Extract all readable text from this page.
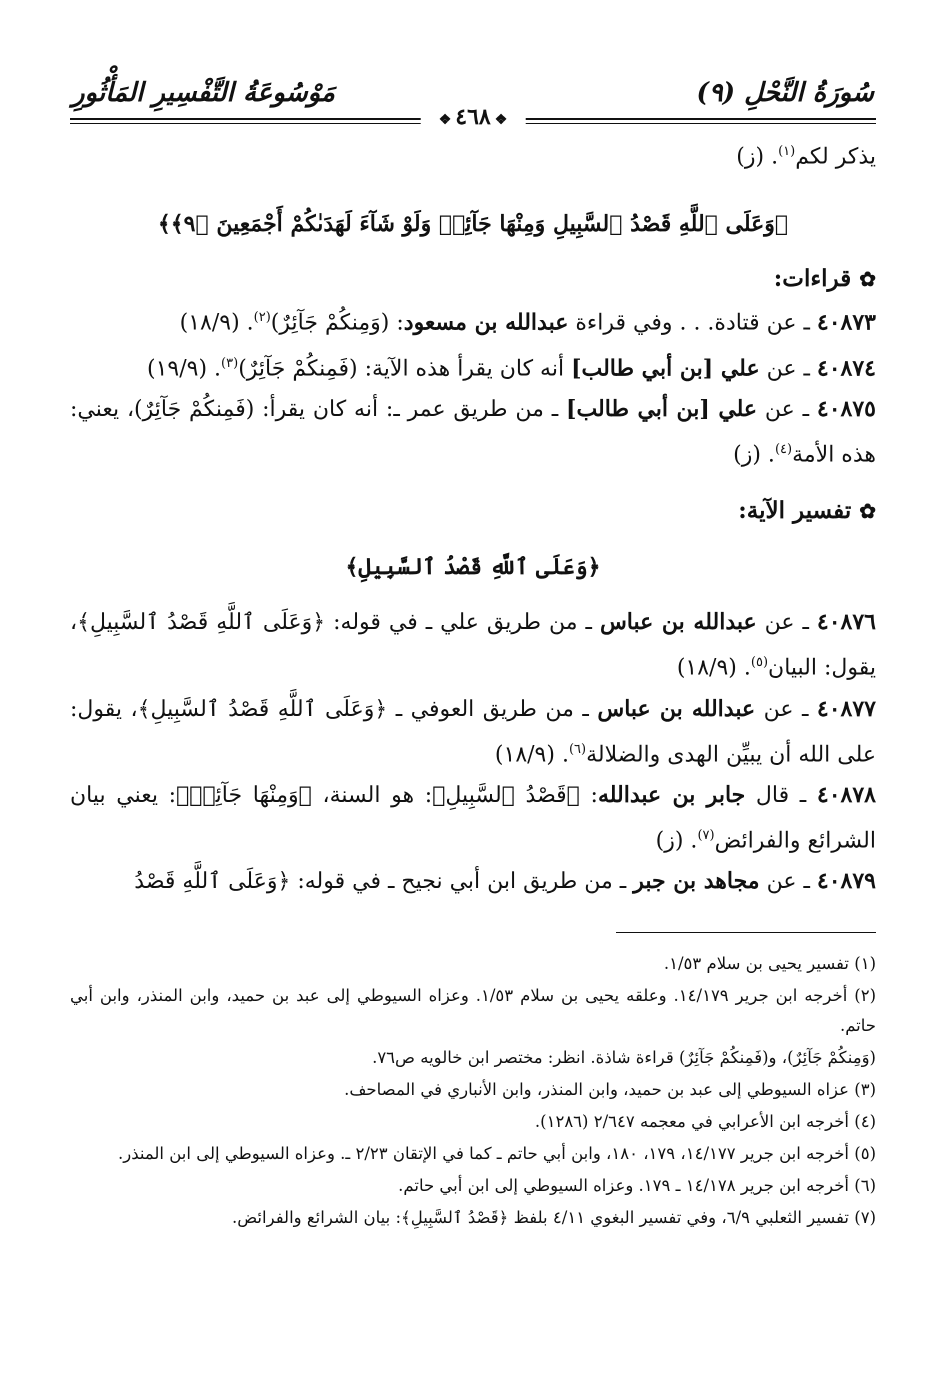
سُورَةُ النَّحْلِ (٩)
مَوْسُوعَةُ التَّفْسِيرِ المَأْثُورِ
❖٤٦٨❖
يذكر لكم$^{(١)}$. (ز)
﴿وَعَلَى ٱللَّهِ قَصْدُ ٱلسَّبِيلِ وَمِنْهَا جَآئِرٞ وَلَوْ شَآءَ لَهَدَىٰكُمْ أَجْمَعِينَ ﴿٩﴾﴾
✿قراءات:
٤٠٨٧٣ ـ عن قتادة. . . وفي قراءة عبدالله بن مسعود: (وَمِنكُمْ جَآئِرٌ)$^{(٢)}$. (١٨/٩)
٤٠٨٧٤ ـ عن علي [بن أبي طالب] أنه كان يقرأ هذه الآية: (فَمِنكُمْ جَآئِرٌ)$^{(٣)}$. (١٩/٩)
٤٠٨٧٥ ـ عن علي [بن أبي طالب] ـ من طريق عمر ـ: أنه كان يقرأ: (فَمِنكُمْ جَآئِرٌ)، يعني: هذه الأمة$^{(٤)}$. (ز)
✿تفسير الآية:
﴿وَعَلَى ٱللَّهِ قَصْدُ ٱلسَّبِيلِ﴾
٤٠٨٧٦ ـ عن عبدالله بن عباس ـ من طريق علي ـ في قوله: ﴿وَعَلَى ٱللَّهِ قَصْدُ ٱلسَّبِيلِ﴾، يقول: البيان$^{(٥)}$. (١٨/٩)
٤٠٨٧٧ ـ عن عبدالله بن عباس ـ من طريق العوفي ـ ﴿وَعَلَى ٱللَّهِ قَصْدُ ٱلسَّبِيلِ﴾، يقول: على الله أن يبيِّن الهدى والضلالة$^{(٦)}$. (١٨/٩)
٤٠٨٧٨ ـ قال جابر بن عبدالله: ﴿قَصْدُ ٱلسَّبِيلِ﴾: هو السنة، ﴿وَمِنْهَا جَآئِرٞ﴾: يعني بيان الشرائع والفرائض$^{(٧)}$. (ز)
٤٠٨٧٩ ـ عن مجاهد بن جبر ـ من طريق ابن أبي نجيح ـ في قوله: ﴿وَعَلَى ٱللَّهِ قَصْدُ
(١) تفسير يحيى بن سلام ١/٥٣.
(٢) أخرجه ابن جرير ١٤/١٧٩. وعلقه يحيى بن سلام ١/٥٣. وعزاه السيوطي إلى عبد بن حميد، وابن المنذر، وابن أبي حاتم.
(وَمِنكُمْ جَآئِرٌ)، و(فَمِنكُمْ جَآئِرٌ) قراءة شاذة. انظر: مختصر ابن خالويه ص٧٦.
(٣) عزاه السيوطي إلى عبد بن حميد، وابن المنذر، وابن الأنباري في المصاحف.
(٤) أخرجه ابن الأعرابي في معجمه ٢/٦٤٧ (١٢٨٦).
(٥) أخرجه ابن جرير ١٤/١٧٧، ١٧٩، ١٨٠، وابن أبي حاتم ـ كما في الإتقان ٢/٢٣ ـ. وعزاه السيوطي إلى ابن المنذر.
(٦) أخرجه ابن جرير ١٤/١٧٨ ـ ١٧٩. وعزاه السيوطي إلى ابن أبي حاتم.
(٧) تفسير الثعلبي ٦/٩، وفي تفسير البغوي ٤/١١ بلفظ ﴿قَصْدُ ٱلسَّبِيلِ﴾: بيان الشرائع والفرائض.
